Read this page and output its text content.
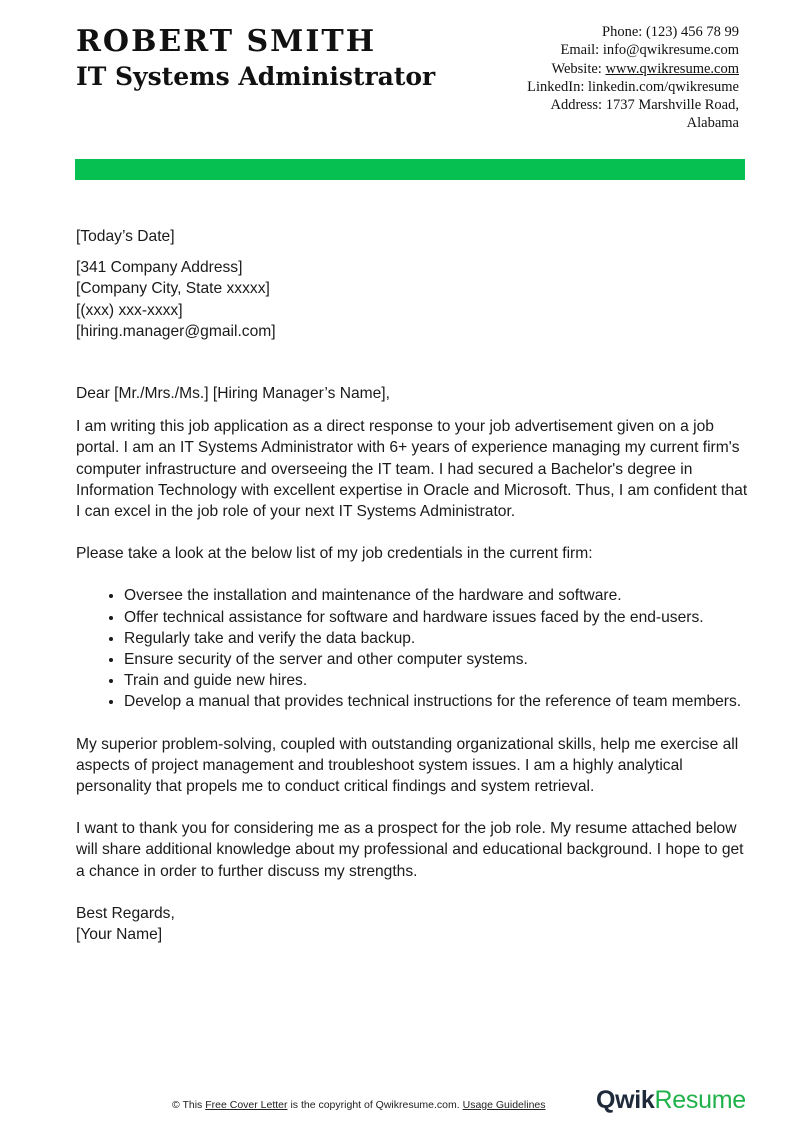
ROBERT SMITH
IT Systems Administrator
Phone: (123) 456 78 99
Email: info@qwikresume.com
Website: www.qwikresume.com
LinkedIn: linkedin.com/qwikresume
Address: 1737 Marshville Road,
Alabama

[Today’s Date]

[341 Company Address]

[Company City, State xxxxx]

[(xxx) xxx-xxxx]

[hiring.manager@gmail.com]

Dear [Mr./Mrs./Ms.] [Hiring Manager’s Name],

I am writing this job application as a direct response to your job advertisement given on a job portal. I am an IT Systems Administrator with 6+ years of experience managing my current firm's computer infrastructure and overseeing the IT team. I had secured a Bachelor's degree in Information Technology with excellent expertise in Oracle and Microsoft. Thus, I am confident that I can excel in the job role of your next IT Systems Administrator.

Please take a look at the below list of my job credentials in the current firm:

• Oversee the installation and maintenance of the hardware and software.
• Offer technical assistance for software and hardware issues faced by the end-users.
• Regularly take and verify the data backup.
• Ensure security of the server and other computer systems.
• Train and guide new hires.
• Develop a manual that provides technical instructions for the reference of team members.

My superior problem-solving, coupled with outstanding organizational skills, help me exercise all aspects of project management and troubleshoot system issues. I am a highly analytical personality that propels me to conduct critical findings and system retrieval.

I want to thank you for considering me as a prospect for the job role. My resume attached below will share additional knowledge about my professional and educational background. I hope to get a chance in order to further discuss my strengths.

Best Regards,

[Your Name]

© This Free Cover Letter is the copyright of Qwikresume.com. Usage Guidelines QwikResume
